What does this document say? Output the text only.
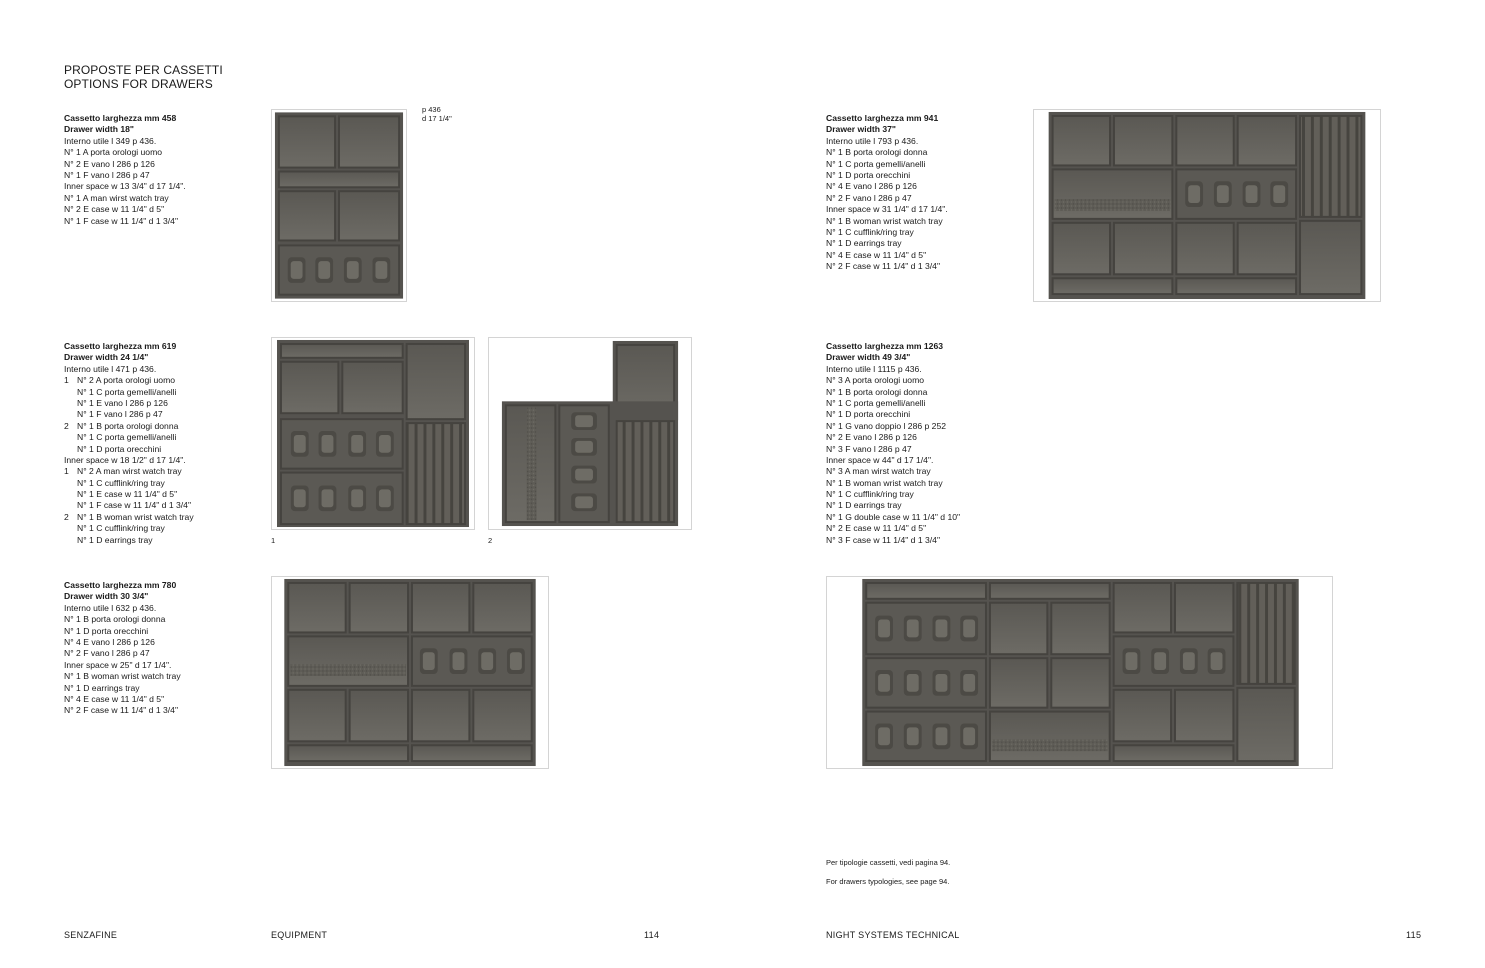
PROPOSTE PER CASSETTI
OPTIONS FOR DRAWERS
Cassetto larghezza mm 458
Drawer width 18"
Interno utile l 349 p 436.
N° 1 A porta orologi uomo
N° 2 E vano l 286 p 126
N° 1 F vano l 286 p 47
Inner space w 13 3/4" d 17 1/4".
N° 1 A man wirst watch tray
N° 2 E case w 11 1/4" d 5"
N° 1 F case w 11 1/4" d 1 3/4"
Cassetto larghezza mm 619
Drawer width 24 1/4"
Interno utile l 471 p 436.
1 N° 2 A porta orologi uomo
N° 1 C porta gemelli/anelli
N° 1 E vano l 286 p 126
N° 1 F vano l 286 p 47
2 N° 1 B porta orologi donna
N° 1 C porta gemelli/anelli
N° 1 D porta orecchini
Inner space w 18 1/2" d 17 1/4".
1 N° 2 A man wirst watch tray
N° 1 C cufflink/ring tray
N° 1 E case w 11 1/4" d 5"
N° 1 F case w 11 1/4" d 1 3/4"
2 N° 1 B woman wrist watch tray
N° 1 C cufflink/ring tray
N° 1 D earrings tray
Cassetto larghezza mm 780
Drawer width 30 3/4"
Interno utile l 632 p 436.
N° 1 B porta orologi donna
N° 1 D porta orecchini
N° 4 E vano l 286 p 126
N° 2 F vano l 286 p 47
Inner space w 25" d 17 1/4".
N° 1 B woman wrist watch tray
N° 1 D earrings tray
N° 4 E case w 11 1/4" d 5"
N° 2 F case w 11 1/4" d 1 3/4"
Cassetto larghezza mm 941
Drawer width 37"
Interno utile l 793 p 436.
N° 1 B porta orologi donna
N° 1 C porta gemelli/anelli
N° 1 D porta orecchini
N° 4 E vano l 286 p 126
N° 2 F vano l 286 p 47
Inner space w 31 1/4" d 17 1/4".
N° 1 B woman wrist watch tray
N° 1 C cufflink/ring tray
N° 1 D earrings tray
N° 4 E case w 11 1/4" d 5"
N° 2 F case w 11 1/4" d 1 3/4"
Cassetto larghezza mm 1263
Drawer width 49 3/4"
Interno utile l 1115 p 436.
N° 3 A porta orologi uomo
N° 1 B porta orologi donna
N° 1 C porta gemelli/anelli
N° 1 D porta orecchini
N° 1 G vano doppio l 286 p 252
N° 2 E vano l 286 p 126
N° 3 F vano l 286 p 47
Inner space w 44" d 17 1/4".
N° 3 A man wirst watch tray
N° 1 B woman wrist watch tray
N° 1 C cufflink/ring tray
N° 1 D earrings tray
N° 1 G double case w 11 1/4" d 10"
N° 2 E case w 11 1/4" d 5"
N° 3 F case w 11 1/4" d 1 3/4"
p 436
d 17 1/4"
1	2
Per tipologie cassetti, vedi pagina 94.
For drawers typologies, see page 94.
SENZAFINE	EQUIPMENT	114	NIGHT SYSTEMS TECHNICAL	115
